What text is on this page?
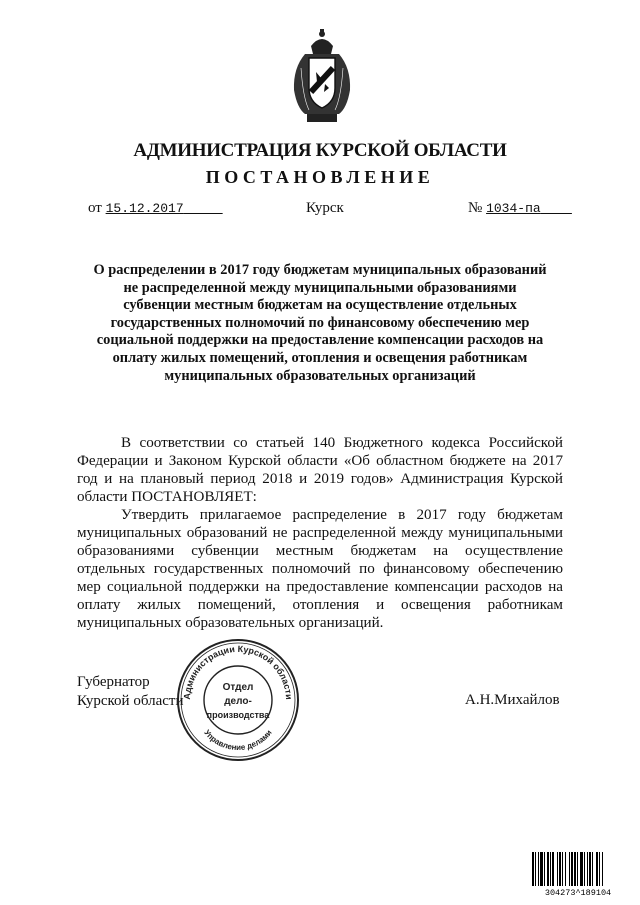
АДМИНИСТРАЦИЯ КУРСКОЙ ОБЛАСТИ
ПОСТАНОВЛЕНИЕ
от 15.12.2017	Курск	№ 1034-па
О распределении в 2017 году бюджетам муниципальных образований не распределенной между муниципальными образованиями субвенции местным бюджетам на осуществление отдельных государственных полномочий по финансовому обеспечению мер социальной поддержки на предоставление компенсации расходов на оплату жилых помещений, отопления и освещения работникам муниципальных образовательных организаций

В соответствии со статьей 140 Бюджетного кодекса Российской Федерации и Законом Курской области «Об областном бюджете на 2017 год и на плановый период 2018 и 2019 годов» Администрация Курской области ПОСТАНОВЛЯЕТ:

Утвердить прилагаемое распределение в 2017 году бюджетам муниципальных образований не распределенной между муниципальными образованиями субвенции местным бюджетам на осуществление отдельных государственных полномочий по финансовому обеспечению мер социальной поддержки на предоставление компенсации расходов на оплату жилых помещений, отопления и освещения работникам муниципальных образовательных организаций.

Губернатор
Курской области	А.Н.Михайлов
Администрации Курской области
Управление делами
Отдел
дело-
производства
304273^189104
